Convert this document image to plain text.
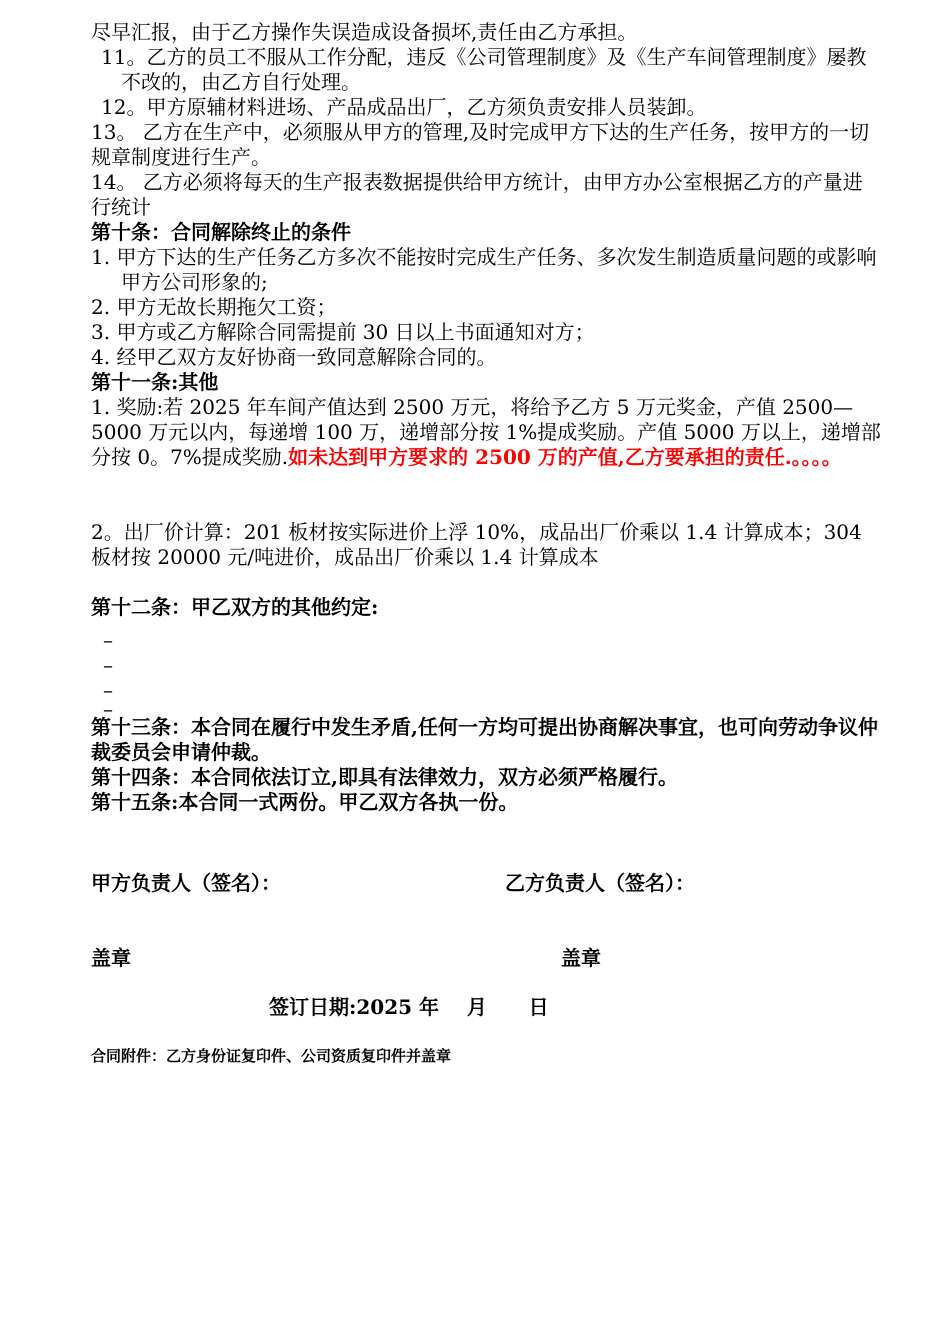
尽早汇报，由于乙方操作失误造成设备损坏,责任由乙方承担。

11。乙方的员工不服从工作分配，违反《公司管理制度》及《生产车间管理制度》屡教不改的，由乙方自行处理。

12。甲方原辅材料进场、产品成品出厂，乙方须负责安排人员装卸。

13。 乙方在生产中，必须服从甲方的管理,及时完成甲方下达的生产任务，按甲方的一切规章制度进行生产。

14。 乙方必须将每天的生产报表数据提供给甲方统计，由甲方办公室根据乙方的产量进行统计

第十条：合同解除终止的条件

1. 甲方下达的生产任务乙方多次不能按时完成生产任务、多次发生制造质量问题的或影响甲方公司形象的;

2. 甲方无故长期拖欠工资；

3. 甲方或乙方解除合同需提前 30 日以上书面通知对方；

4. 经甲乙双方友好协商一致同意解除合同的。

第十一条:其他

1. 奖励:若 2025 年车间产值达到 2500 万元，将给予乙方 5 万元奖金，产值 2500—5000 万元以内，每递增 100 万，递增部分按 1%提成奖励。产值 5000 万以上，递增部分按 0。7%提成奖励.如未达到甲方要求的 2500 万的产值,乙方要承担的责任.。。。。

2。出厂价计算：201 板材按实际进价上浮 10%，成品出厂价乘以 1.4 计算成本；304 板材按 20000 元/吨进价，成品出厂价乘以 1.4 计算成本

第十二条：甲乙双方的其他约定:

–
–
–
–

第十三条：本合同在履行中发生矛盾,任何一方均可提出协商解决事宜，也可向劳动争议仲裁委员会申请仲裁。

第十四条：本合同依法订立,即具有法律效力，双方必须严格履行。

第十五条:本合同一式两份。甲乙双方各执一份。

甲方负责人（签名）：	乙方负责人（签名）：
盖章	盖章
签订日期:2025 年    月      日
合同附件：乙方身份证复印件、公司资质复印件并盖章
